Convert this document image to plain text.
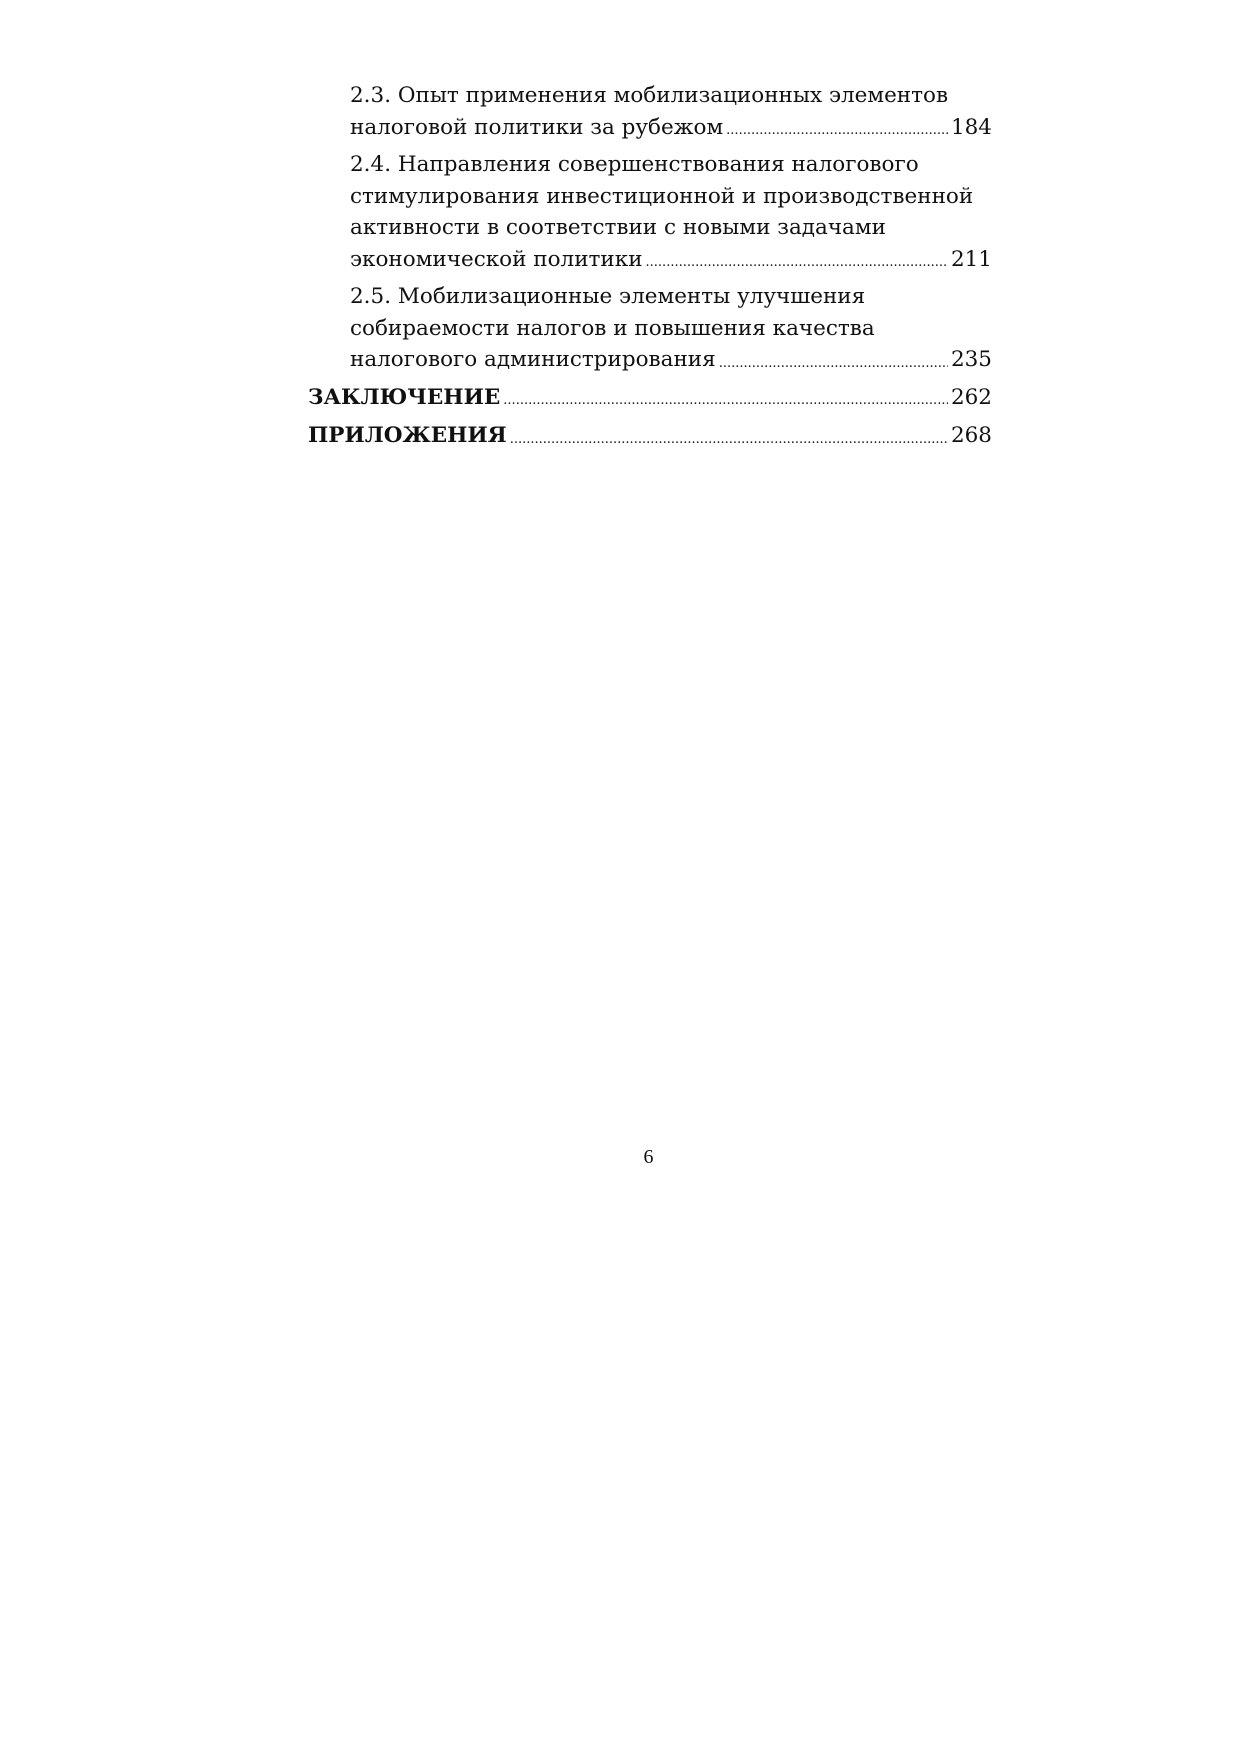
2.3. Опыт применения мобилизационных элементов
налоговой политики за рубежом .....	184
2.4. Направления совершенствования налогового
стимулирования инвестиционной и производственной
активности в соответствии с новыми задачами
экономической политики .....	211
2.5. Мобилизационные элементы улучшения
собираемости налогов и повышения качества
налогового администрирования .....	235
ЗАКЛЮЧЕНИЕ .....	262
ПРИЛОЖЕНИЯ .....	268
6
